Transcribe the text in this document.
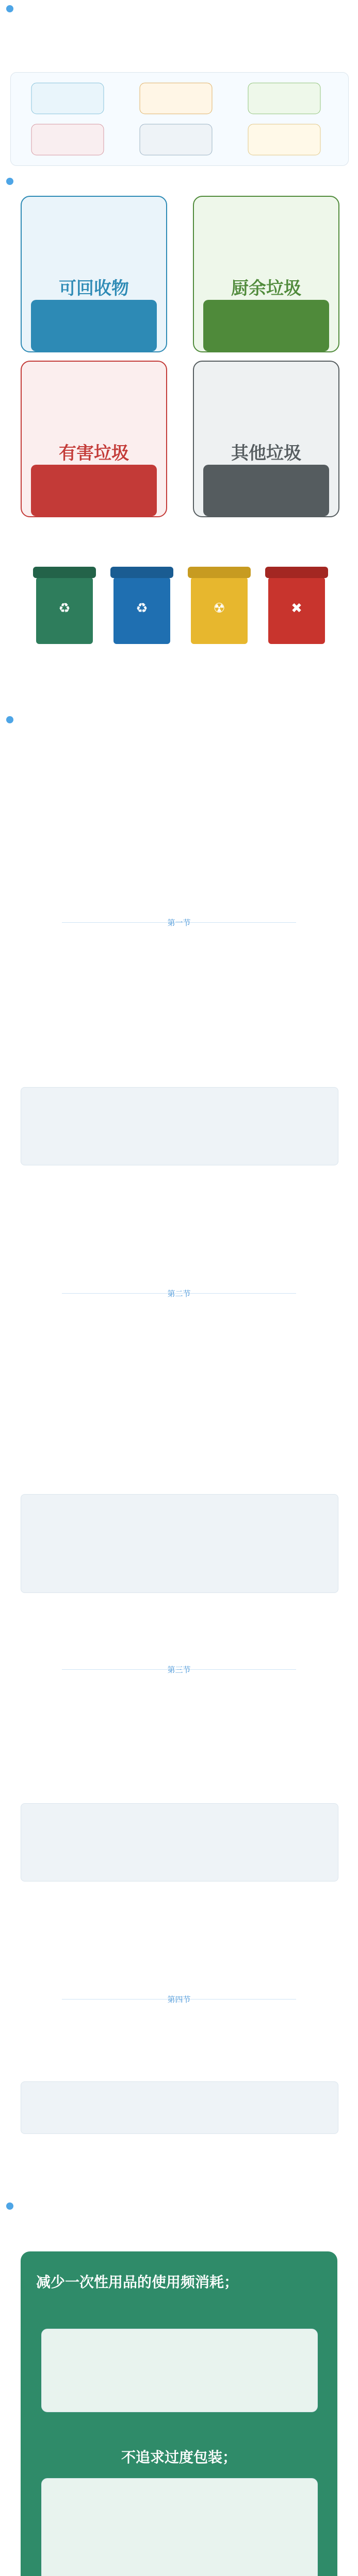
可回收物	厨余垃圾
有害垃圾	其他垃圾
♻	♻	☢	✖
第一节
第二节
第三节
第四节
减少一次性用品的使用频消耗；
不追求过度包装；
